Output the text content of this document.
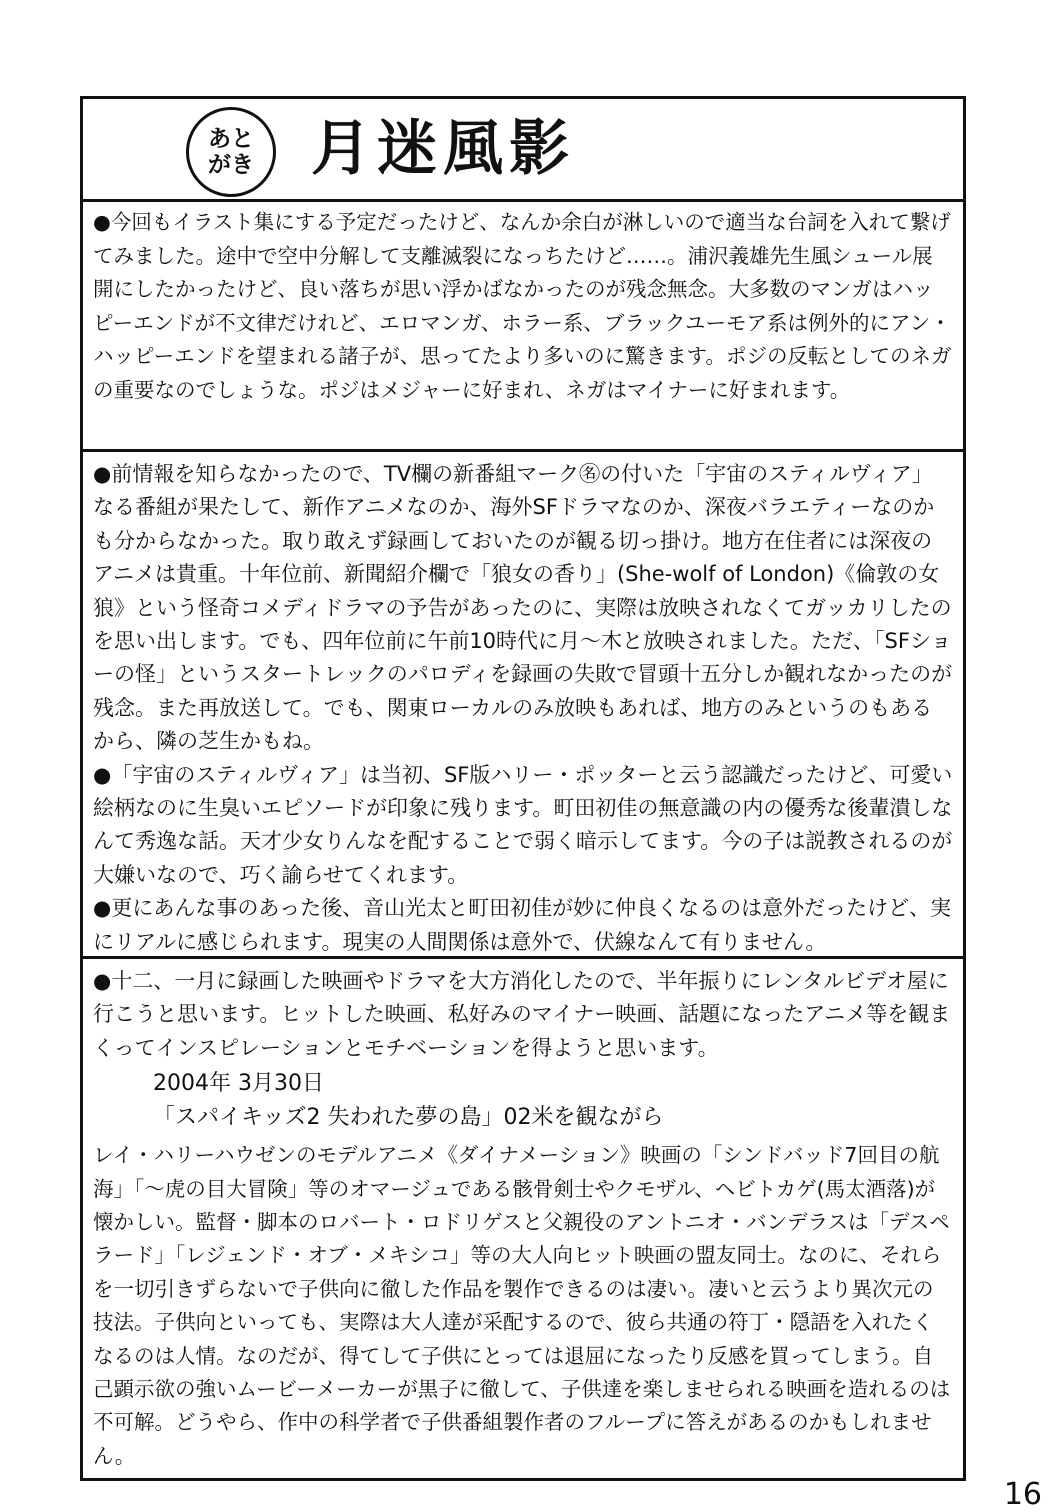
あと
がき 月迷風影

●今回もイラスト集にする予定だったけど、なんか余白が淋しいので適当な台詞を入れて繋げてみました。途中で空中分解して支離滅裂になっちたけど……。浦沢義雄先生風シュール展開にしたかったけど、良い落ちが思い浮かばなかったのが残念無念。大多数のマンガはハッピーエンドが不文律だけれど、エロマンガ、ホラー系、ブラックユーモア系は例外的にアン・ハッピーエンドを望まれる諸子が、思ってたより多いのに驚きます。ポジの反転としてのネガの重要なのでしょうな。ポジはメジャーに好まれ、ネガはマイナーに好まれます。

●前情報を知らなかったので、TV欄の新番組マーク㊔の付いた「宇宙のスティルヴィア」なる番組が果たして、新作アニメなのか、海外SFドラマなのか、深夜バラエティーなのかも分からなかった。取り敢えず録画しておいたのが観る切っ掛け。地方在住者には深夜のアニメは貴重。十年位前、新聞紹介欄で「狼女の香り」(She-wolf of London)《倫敦の女狼》という怪奇コメディドラマの予告があったのに、実際は放映されなくてガッカリしたのを思い出します。でも、四年位前に午前10時代に月～木と放映されました。ただ、「SFショーの怪」というスタートレックのパロディを録画の失敗で冒頭十五分しか観れなかったのが残念。また再放送して。でも、関東ローカルのみ放映もあれば、地方のみというのもあるから、隣の芝生かもね。

●「宇宙のスティルヴィア」は当初、SF版ハリー・ポッターと云う認識だったけど、可愛い絵柄なのに生臭いエピソードが印象に残ります。町田初佳の無意識の内の優秀な後輩潰しなんて秀逸な話。天才少女りんなを配することで弱く暗示してます。今の子は説教されるのが大嫌いなので、巧く諭らせてくれます。

●更にあんな事のあった後、音山光太と町田初佳が妙に仲良くなるのは意外だったけど、実にリアルに感じられます。現実の人間関係は意外で、伏線なんて有りません。

●十二、一月に録画した映画やドラマを大方消化したので、半年振りにレンタルビデオ屋に行こうと思います。ヒットした映画、私好みのマイナー映画、話題になったアニメ等を観まくってインスピレーションとモチベーションを得ようと思います。

2004年 3月30日
「スパイキッズ2 失われた夢の島」02米を観ながら

レイ・ハリーハウゼンのモデルアニメ《ダイナメーション》映画の「シンドバッド7回目の航海」「～虎の目大冒険」等のオマージュである骸骨剣士やクモザル、ヘビトカゲ(馬太酒落)が懐かしい。監督・脚本のロバート・ロドリゲスと父親役のアントニオ・バンデラスは「デスペラード」「レジェンド・オブ・メキシコ」等の大人向ヒット映画の盟友同士。なのに、それらを一切引きずらないで子供向に徹した作品を製作できるのは凄い。凄いと云うより異次元の技法。子供向といっても、実際は大人達が采配するので、彼ら共通の符丁・隠語を入れたくなるのは人情。なのだが、得てして子供にとっては退屈になったり反感を買ってしまう。自己顕示欲の強いムービーメーカーが黒子に徹して、子供達を楽しませられる映画を造れるのは不可解。どうやら、作中の科学者で子供番組製作者のフループに答えがあるのかもしれません。

16
